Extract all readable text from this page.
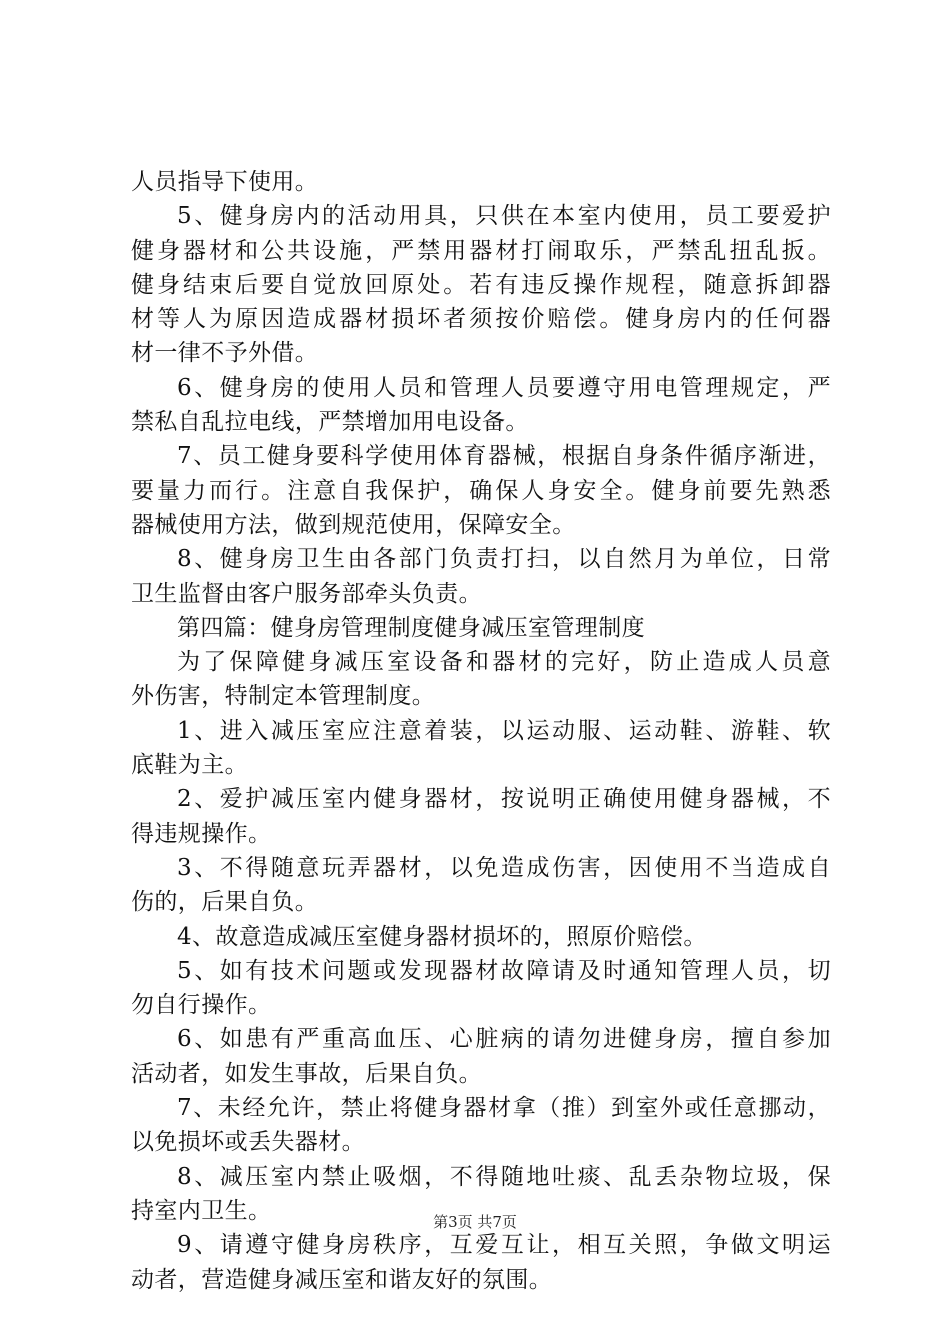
人员指导下使用。
5、健身房内的活动用具，只供在本室内使用，员工要爱护
健身器材和公共设施，严禁用器材打闹取乐，严禁乱扭乱扳。
健身结束后要自觉放回原处。若有违反操作规程，随意拆卸器
材等人为原因造成器材损坏者须按价赔偿。健身房内的任何器
材一律不予外借。
6、健身房的使用人员和管理人员要遵守用电管理规定，严
禁私自乱拉电线，严禁增加用电设备。
7、员工健身要科学使用体育器械，根据自身条件循序渐进，
要量力而行。注意自我保护，确保人身安全。健身前要先熟悉
器械使用方法，做到规范使用，保障安全。
8、健身房卫生由各部门负责打扫，以自然月为单位，日常
卫生监督由客户服务部牵头负责。
第四篇：健身房管理制度健身减压室管理制度
为了保障健身减压室设备和器材的完好，防止造成人员意
外伤害，特制定本管理制度。
1、进入减压室应注意着装，以运动服、运动鞋、游鞋、软
底鞋为主。
2、爱护减压室内健身器材，按说明正确使用健身器械，不
得违规操作。
3、不得随意玩弄器材，以免造成伤害，因使用不当造成自
伤的，后果自负。
4、故意造成减压室健身器材损坏的，照原价赔偿。
5、如有技术问题或发现器材故障请及时通知管理人员，切
勿自行操作。
6、如患有严重高血压、心脏病的请勿进健身房，擅自参加
活动者，如发生事故，后果自负。
7、未经允许，禁止将健身器材拿（推）到室外或任意挪动，
以免损坏或丢失器材。
8、减压室内禁止吸烟，不得随地吐痰、乱丢杂物垃圾，保
持室内卫生。
9、请遵守健身房秩序，互爱互让，相互关照，争做文明运
动者，营造健身减压室和谐友好的氛围。
第3页 共7页
